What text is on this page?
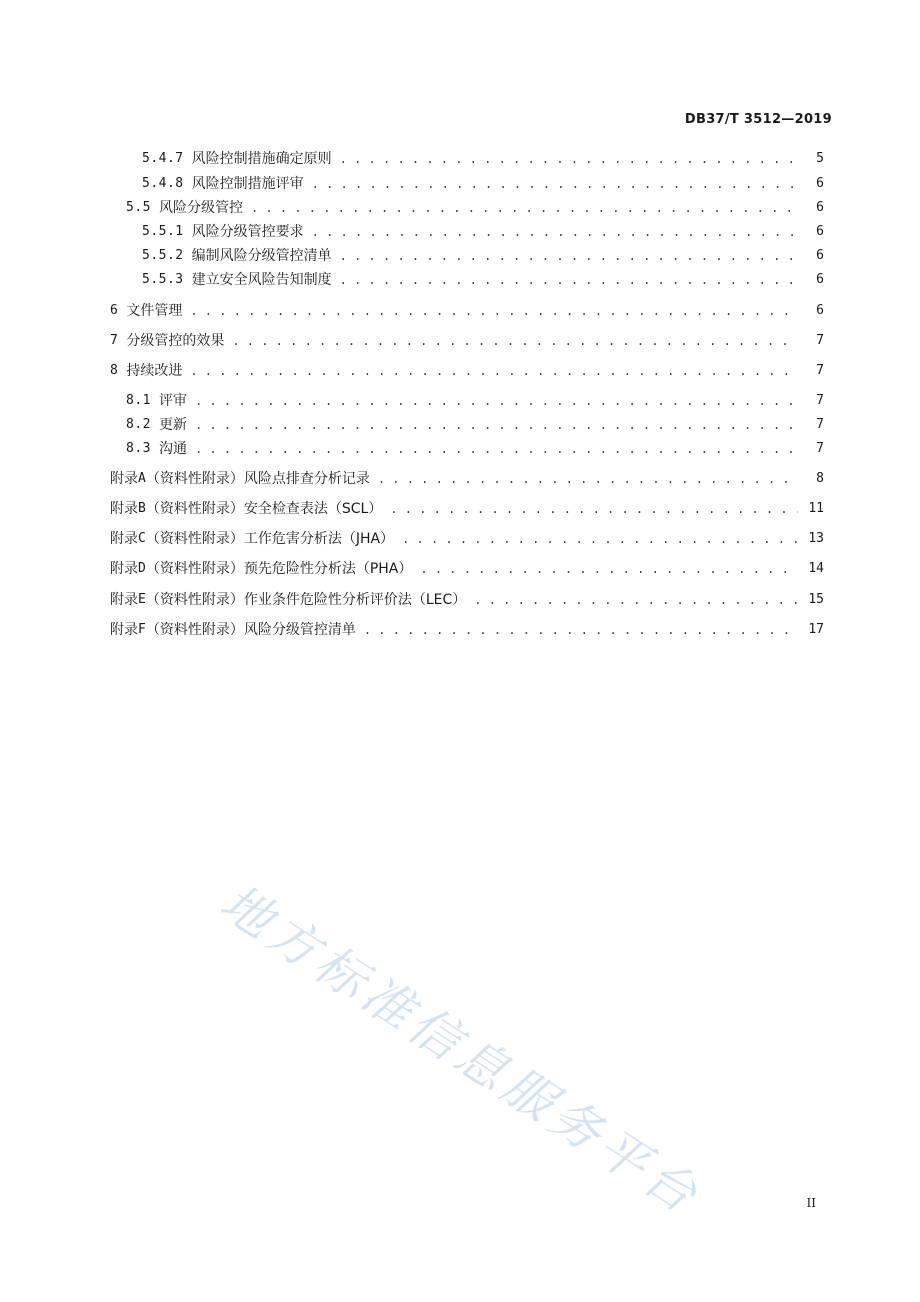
DB37/T 3512—2019
5.4.7 风险控制措施确定原则 . . .	5
5.4.8 风险控制措施评审 . . .	6
5.5 风险分级管控 . . .	6
5.5.1 风险分级管控要求 . . .	6
5.5.2 编制风险分级管控清单 . . .	6
5.5.3 建立安全风险告知制度 . . .	6
6 文件管理 . . .	6
7 分级管控的效果 . . .	7
8 持续改进 . . .	7
8.1 评审 . . .	7
8.2 更新 . . .	7
8.3 沟通 . . .	7
附 录 A （资料性附录） 风险点排查分析记录 . . .	8
附 录 B （资料性附录） 安全检查表法（SCL） . . .	11
附 录 C （资料性附录） 工作危害分析法（JHA） . . .	13
附 录 D （资料性附录） 预先危险性分析法（PHA） . . .	14
附 录 E （资料性附录） 作业条件危险性分析评价法（LEC） . . .	15
附 录 F （资料性附录） 风险分级管控清单 . . .	17
地方标准信息服务平台	II
